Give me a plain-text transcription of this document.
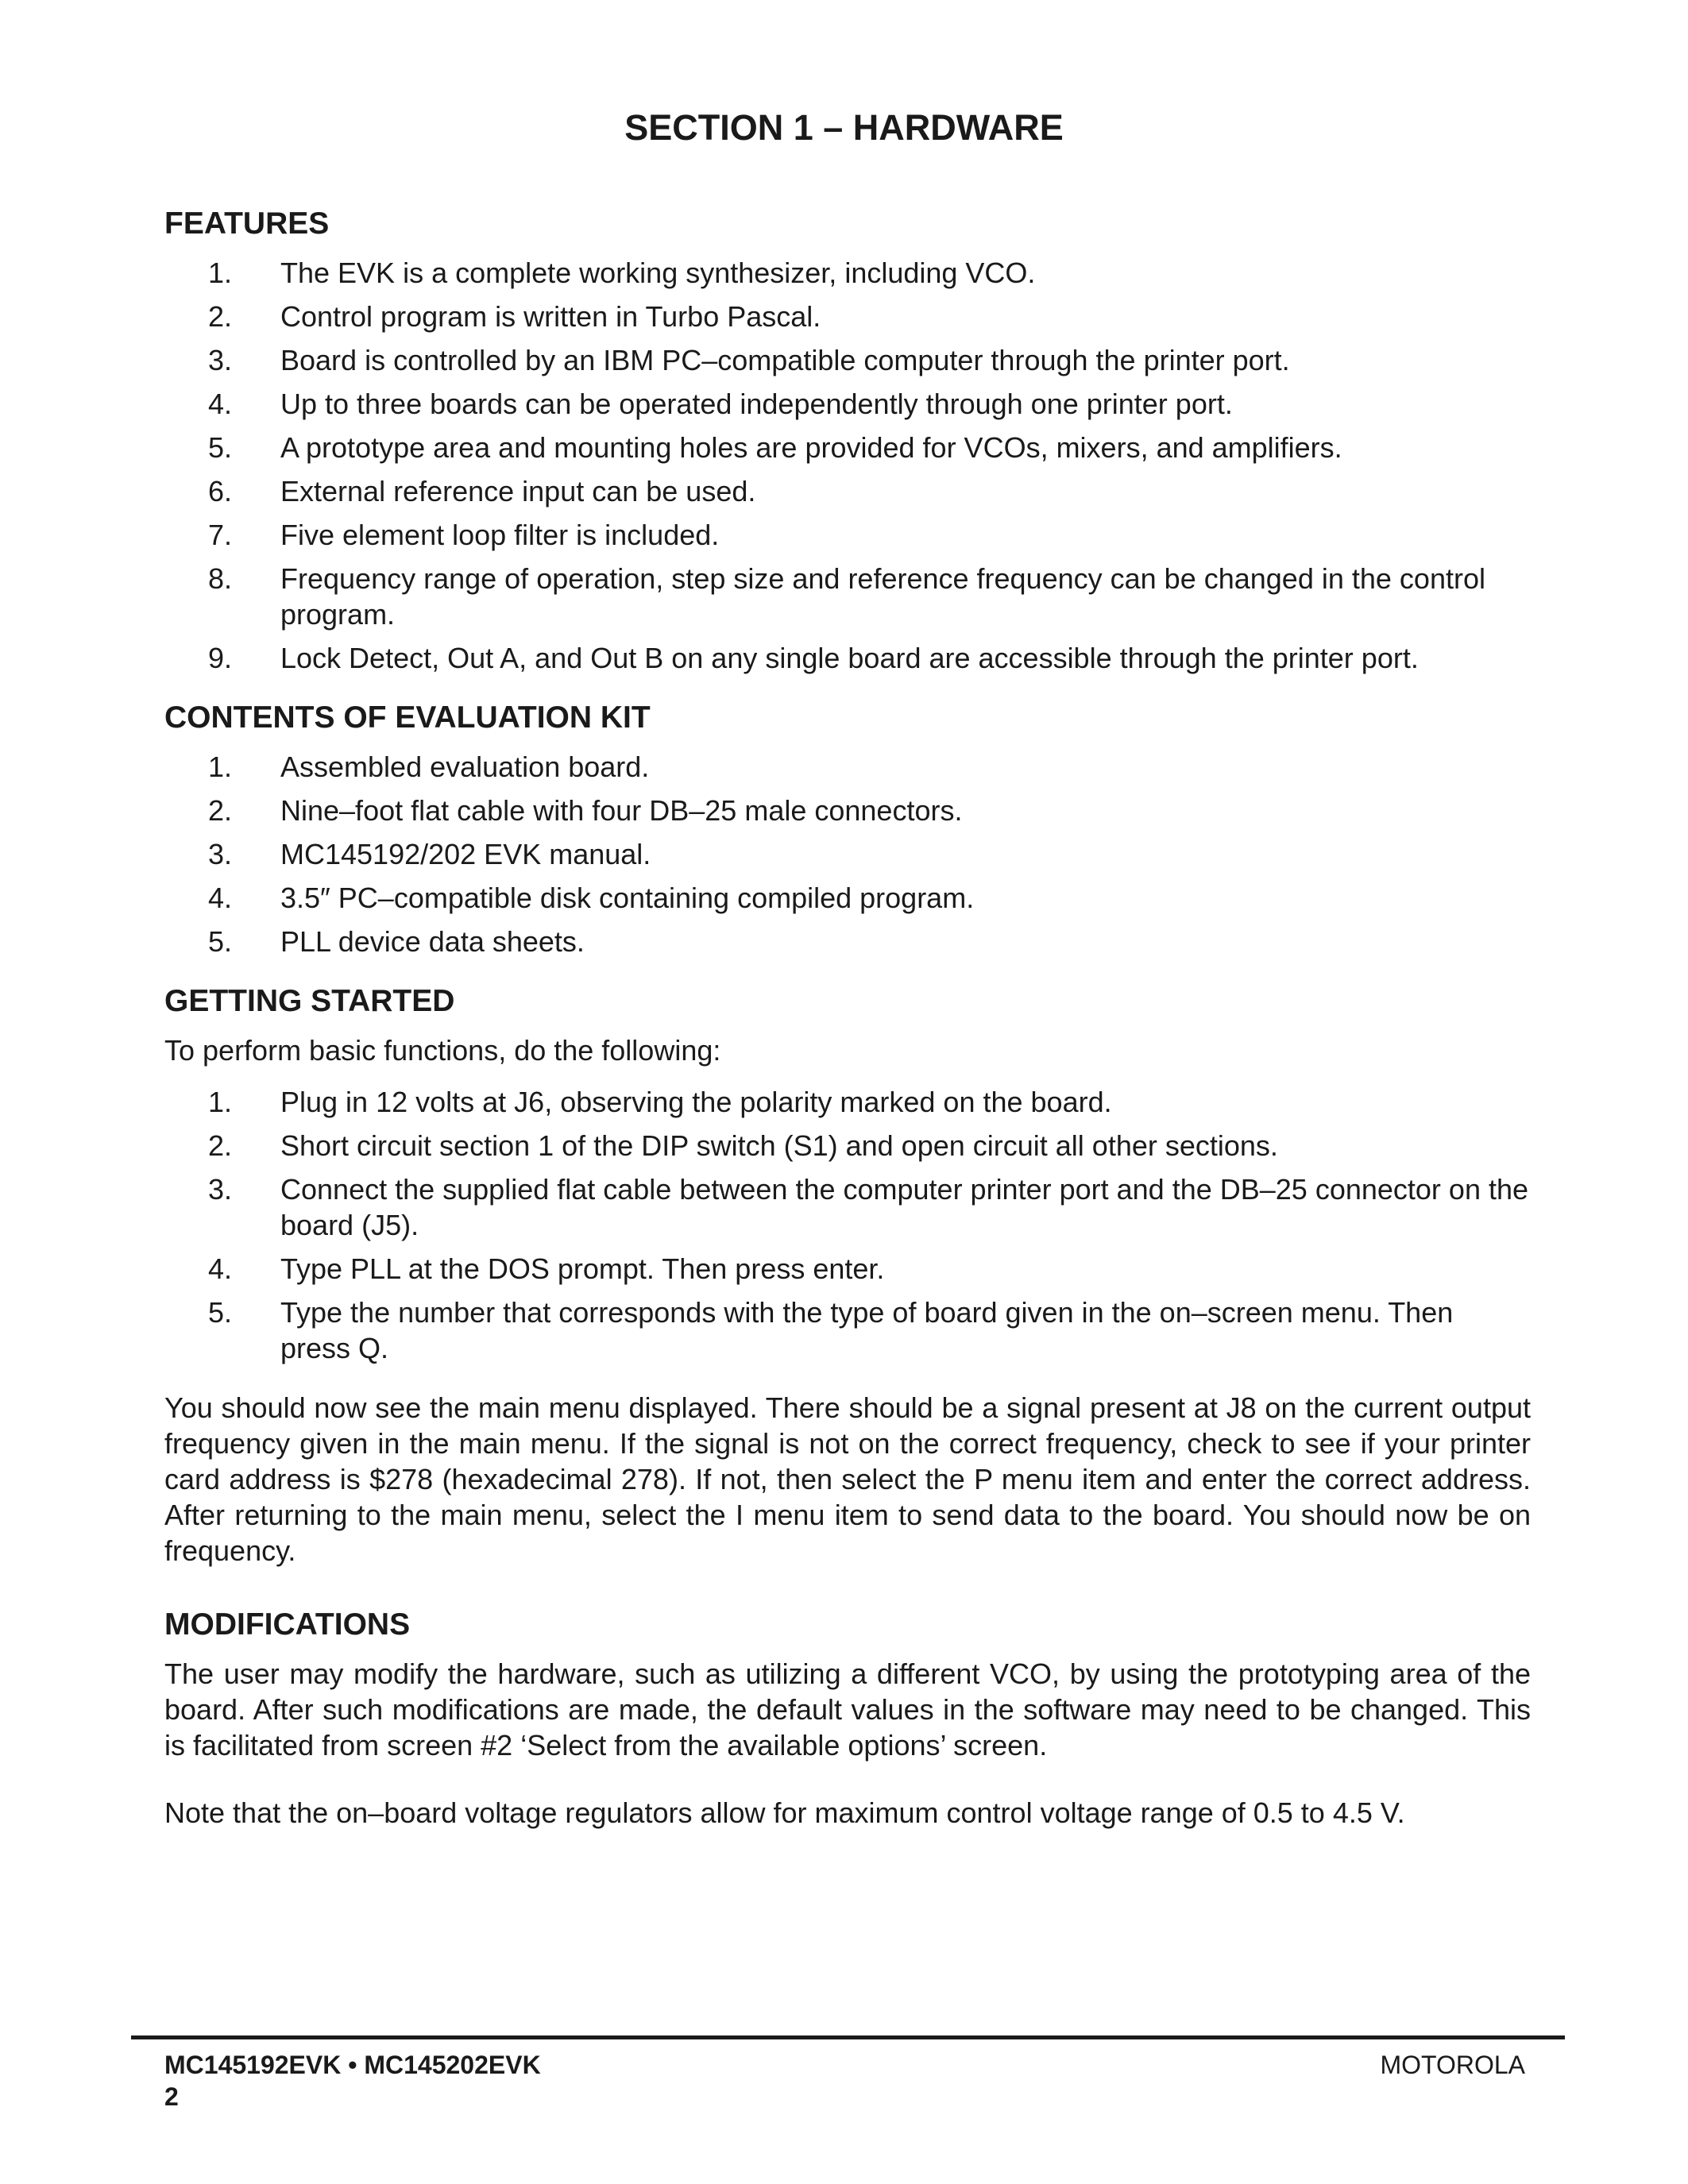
SECTION 1 – HARDWARE
FEATURES
1.	The EVK is a complete working synthesizer, including VCO.
2.	Control program is written in Turbo Pascal.
3.	Board is controlled by an IBM PC–compatible computer through the printer port.
4.	Up to three boards can be operated independently through one printer port.
5.	A prototype area and mounting holes are provided for VCOs, mixers, and amplifiers.
6.	External reference input can be used.
7.	Five element loop filter is included.
8.	Frequency range of operation, step size and reference frequency can be changed in the control program.
9.	Lock Detect, Out A, and Out B on any single board are accessible through the printer port.
CONTENTS OF EVALUATION KIT
1.	Assembled evaluation board.
2.	Nine–foot flat cable with four DB–25 male connectors.
3.	MC145192/202 EVK manual.
4.	3.5″ PC–compatible disk containing compiled program.
5.	PLL device data sheets.
GETTING STARTED

To perform basic functions, do the following:

1.	Plug in 12 volts at J6, observing the polarity marked on the board.
2.	Short circuit section 1 of the DIP switch (S1) and open circuit all other sections.
3.	Connect the supplied flat cable between the computer printer port and the DB–25 connector on the board (J5).
4.	Type PLL at the DOS prompt. Then press enter.
5.	Type the number that corresponds with the type of board given in the on–screen menu. Then press Q.

You should now see the main menu displayed. There should be a signal present at J8 on the current output frequency given in the main menu. If the signal is not on the correct frequency, check to see if your printer card address is $278 (hexadecimal 278). If not, then select the P menu item and enter the correct address. After returning to the main menu, select the I menu item to send data to the board. You should now be on frequency.

MODIFICATIONS

The user may modify the hardware, such as utilizing a different VCO, by using the prototyping area of the board. After such modifications are made, the default values in the software may need to be changed. This is facilitated from screen #2 ‘Select from the available options’ screen.

Note that the on–board voltage regulators allow for maximum control voltage range of 0.5 to 4.5 V.

MC145192EVK • MC145202EVK
2
MOTOROLA
